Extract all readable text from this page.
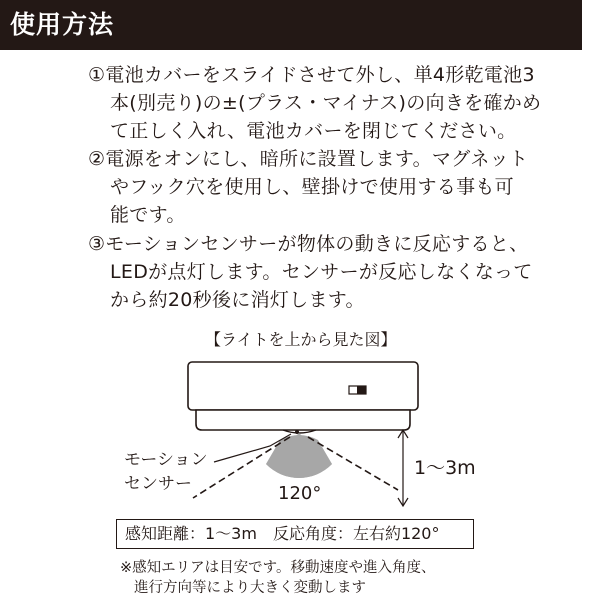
使用方法
①電池カバーをスライドさせて外し、単4形乾電池3
本(別売り)の±(プラス・マイナス)の向きを確かめ
て正しく入れ、電池カバーを閉じてください。
②電源をオンにし、暗所に設置します。マグネット
やフック穴を使用し、壁掛けで使用する事も可
能です。
③モーションセンサーが物体の動きに反応すると、
LEDが点灯します。センサーが反応しなくなって
から約20秒後に消灯します。
【ライトを上から見た図】
モーション
センサー	120°
1〜3m
感知距離：1〜3m　反応角度：左右約120°
※感知エリアは目安です。移動速度や進入角度、
進行方向等により大きく変動します
